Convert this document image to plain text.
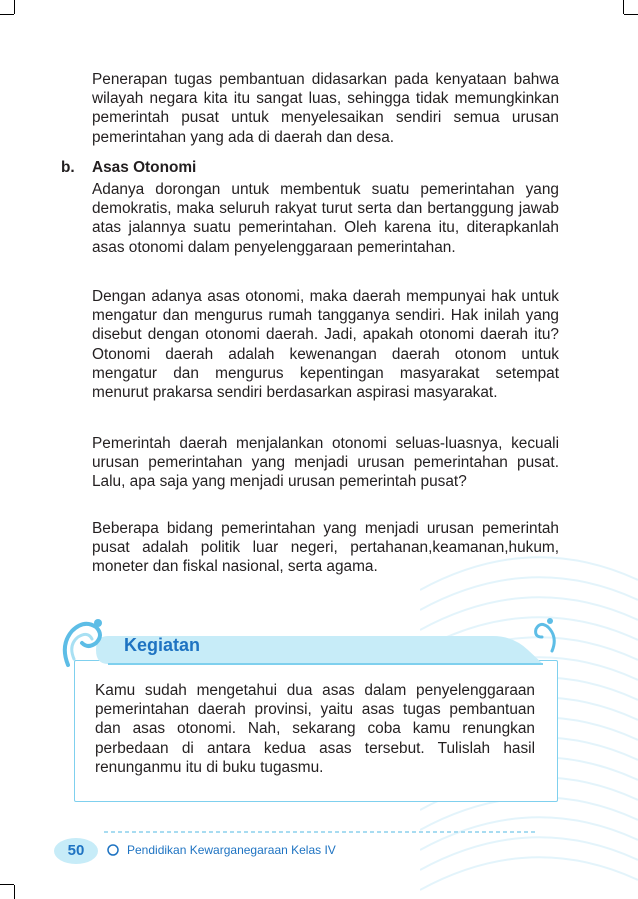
Penerapan tugas pembantuan didasarkan pada kenyataan bahwa wilayah negara kita itu sangat luas, sehingga tidak memungkinkan pemerintah pusat untuk menyelesaikan sendiri semua urusan pemerintahan yang ada di daerah dan desa.

b. Asas Otonomi

Adanya dorongan untuk membentuk suatu pemerintahan yang demokratis, maka seluruh rakyat turut serta dan bertanggung jawab atas jalannya suatu pemerintahan. Oleh karena itu, diterapkanlah asas otonomi dalam penyelenggaraan pemerintahan.

Dengan adanya asas otonomi, maka daerah mempunyai hak untuk mengatur dan mengurus rumah tangganya sendiri. Hak inilah yang disebut dengan otonomi daerah. Jadi, apakah otonomi daerah itu? Otonomi daerah adalah kewenangan daerah otonom untuk mengatur dan mengurus kepentingan masyarakat setempat menurut prakarsa sendiri berdasarkan aspirasi masyarakat.

Pemerintah daerah menjalankan otonomi seluas-luasnya, kecuali urusan pemerintahan yang menjadi urusan pemerintahan pusat. Lalu, apa saja yang menjadi urusan pemerintah pusat?

Beberapa bidang pemerintahan yang menjadi urusan pemerintah pusat adalah politik luar negeri, pertahanan,keamanan,hukum, moneter dan fiskal nasional, serta agama.

Kegiatan

Kamu sudah mengetahui dua asas dalam penyelenggaraan pemerintahan daerah provinsi, yaitu asas tugas pembantuan dan asas otonomi. Nah, sekarang coba kamu renungkan perbedaan di antara kedua asas tersebut. Tulislah hasil renunganmu itu di buku tugasmu.

50	Pendidikan Kewarganegaraan Kelas IV
